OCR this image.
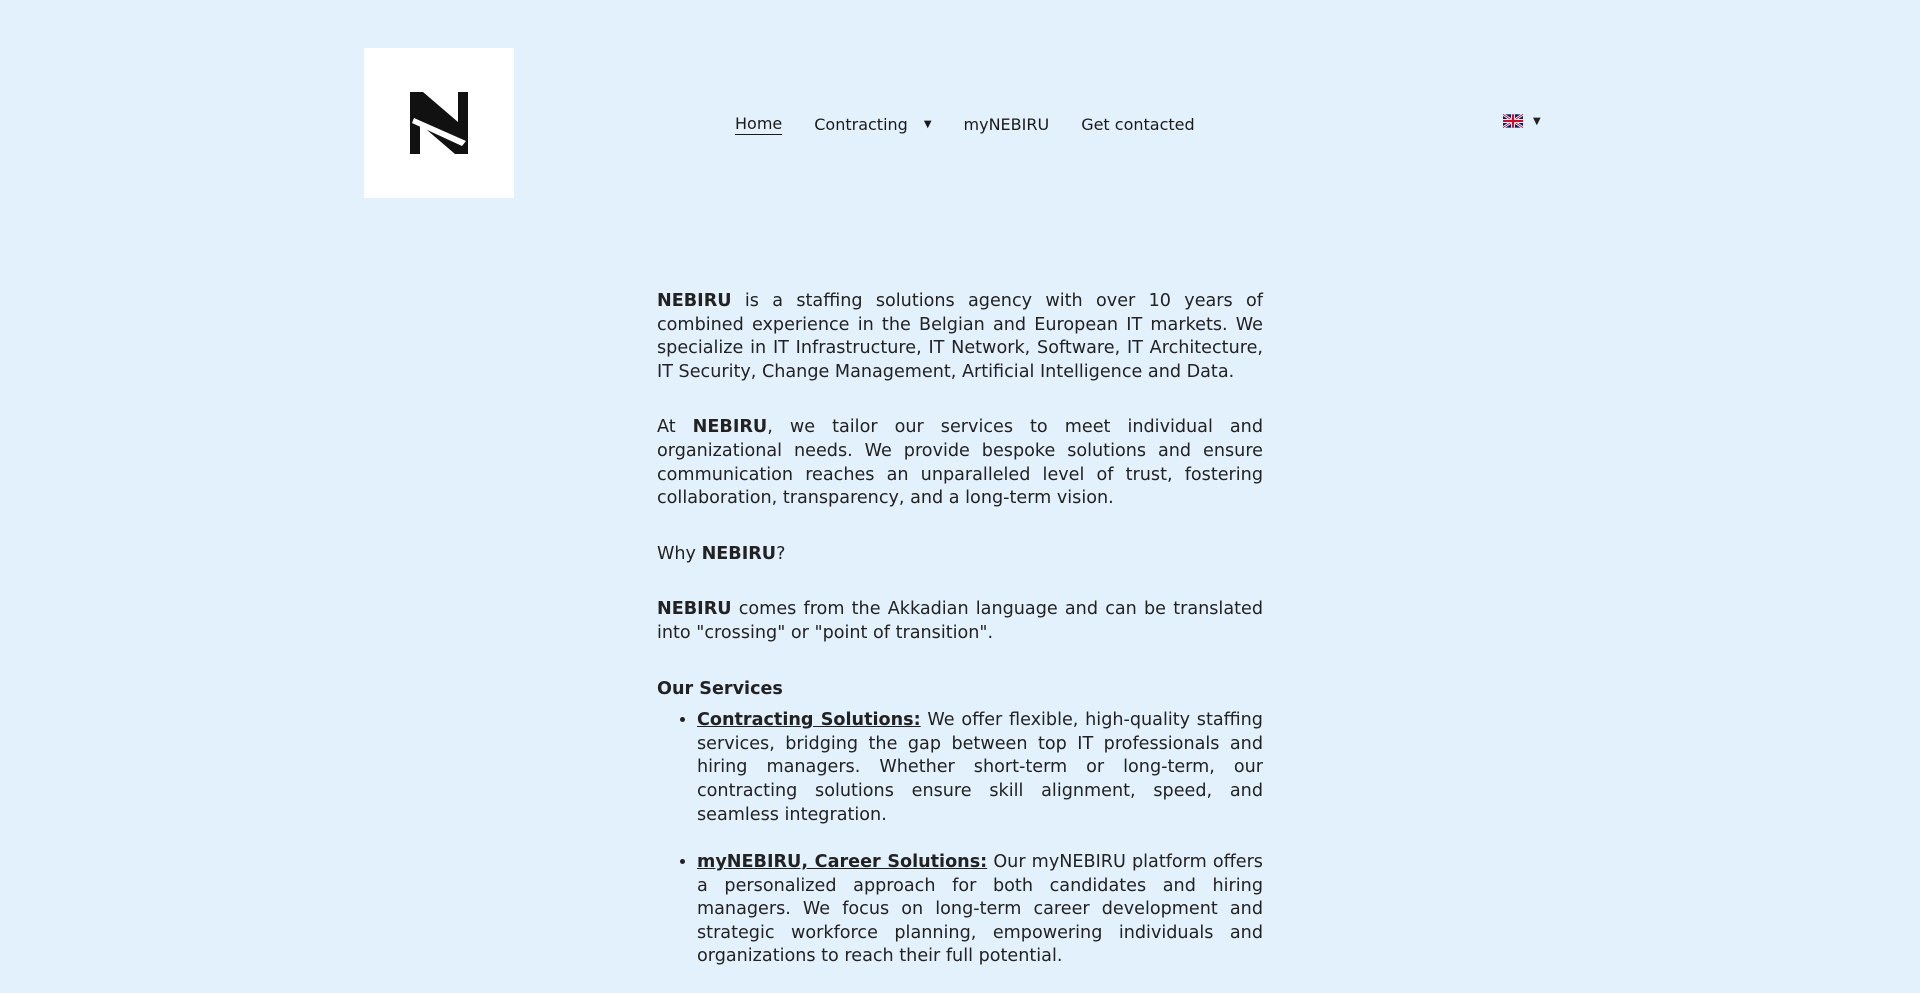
Home Contracting ▼ myNEBIRU Get contacted	▼

NEBIRU is a staffing solutions agency with over 10 years of combined experience in the Belgian and European IT markets. We specialize in IT Infrastructure, IT Network, Software, IT Architecture, IT Security, Change Management, Artificial Intelligence and Data.

At NEBIRU, we tailor our services to meet individual and organizational needs. We provide bespoke solutions and ensure communication reaches an unparalleled level of trust, fostering collaboration, transparency, and a long-term vision.

Why NEBIRU?

NEBIRU comes from the Akkadian language and can be translated into "crossing" or "point of transition".

Our Services

• Contracting Solutions: We offer flexible, high-quality staffing services, bridging the gap between top IT professionals and hiring managers. Whether short-term or long-term, our contracting solutions ensure skill alignment, speed, and seamless integration.
• myNEBIRU, Career Solutions: Our myNEBIRU platform offers a personalized approach for both candidates and hiring managers. We focus on long-term career development and strategic workforce planning, empowering individuals and organizations to reach their full potential.
